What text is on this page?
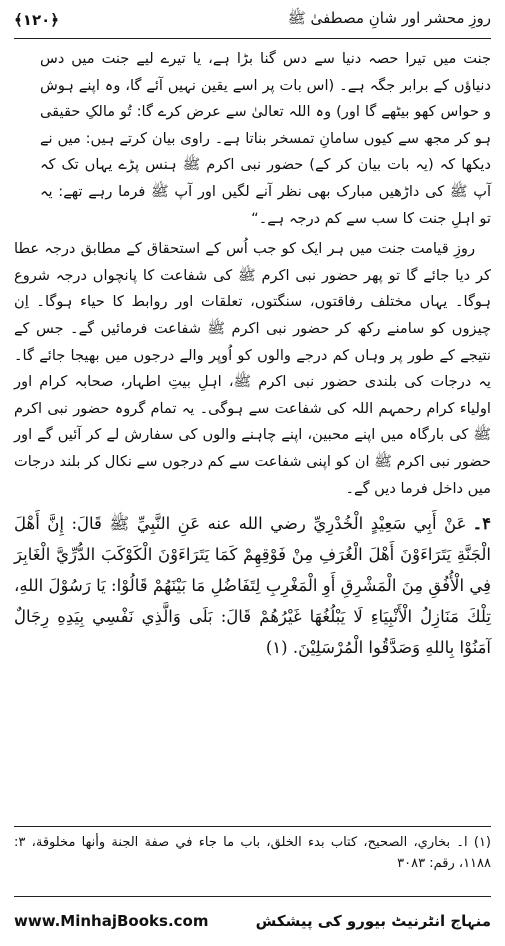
﴿۱۲۰﴾	روزِ محشر اور شانِ مصطفیٰ ﷺ

جنت میں تیرا حصہ دنیا سے دس گنا بڑا ہے، یا تیرے لیے جنت میں دس دنیاؤں کے برابر جگہ ہے۔ (اس بات پر اسے یقین نہیں آئے گا، وہ اپنے ہوش و حواس کھو بیٹھے گا اور) وہ اللہ تعالیٰ سے عرض کرے گا: تُو مالکِ حقیقی ہو کر مجھ سے کیوں سامانِ تمسخر بناتا ہے۔ راوی بیان کرتے ہیں: میں نے دیکھا کہ (یہ بات بیان کر کے) حضور نبی اکرم ﷺ ہنس پڑے یہاں تک کہ آپ ﷺ کی داڑھیں مبارک بھی نظر آنے لگیں اور آپ ﷺ فرما رہے تھے: یہ تو اہلِ جنت کا سب سے کم درجہ ہے۔“

روزِ قیامت جنت میں ہر ایک کو جب اُس کے استحقاق کے مطابق درجہ عطا کر دیا جائے گا تو پھر حضور نبی اکرم ﷺ کی شفاعت کا پانچواں درجہ شروع ہوگا۔ یہاں مختلف رفاقتوں، سنگتوں، تعلقات اور روابط کا حیاء ہوگا۔ اِن چیزوں کو سامنے رکھ کر حضور نبی اکرم ﷺ شفاعت فرمائیں گے۔ جس کے نتیجے کے طور پر وہاں کم درجے والوں کو اُوپر والے درجوں میں بھیجا جائے گا۔ یہ درجات کی بلندی حضور نبی اکرم ﷺ، اہلِ بیتِ اطہار، صحابہ کرام اور اولیاء کرام رحمہم اللہ کی شفاعت سے ہوگی۔ یہ تمام گروہ حضور نبی اکرم ﷺ کی بارگاہ میں اپنے محبین، اپنے چاہنے والوں کی سفارش لے کر آئیں گے اور حضور نبی اکرم ﷺ ان کو اپنی شفاعت سے کم درجوں سے نکال کر بلند درجات میں داخل فرما دیں گے۔

۴۔عَنْ أَبِي سَعِيْدٍ الْخُدْرِيِّ رضي الله عنه عَنِ النَّبِيِّ ﷺ قَالَ: إِنَّ أَهْلَ الْجَنَّةِ يَتَرَاءَوْنَ أَهْلَ الْغُرَفِ مِنْ فَوْقِهِمْ كَمَا يَتَرَاءَوْنَ الْكَوْكَبَ الدُّرِّيَّ الْغَابِرَ فِي الْأُفُقِ مِنَ الْمَشْرِقِ أَوِ الْمَغْرِبِ لِتَفَاضُلِ مَا بَيْنَهُمْ قَالُوْا: يَا رَسُوْلَ اللهِ، تِلْكَ مَنَازِلُ الْأَنْبِيَاءِ لَا يَبْلُغُهَا غَيْرُهُمْ قَالَ: بَلَى وَالَّذِي نَفْسِي بِيَدِهِ رِجَالٌ آمَنُوْا بِاللهِ وَصَدَّقُوا الْمُرْسَلِيْنَ. (۱)

(۱) ا۔ بخاري، الصحيح، كتاب بدء الخلق، باب ما جاء في صفة الجنة وأنها مخلوقة، ۳: ۱۱۸۸، رقم: ۳۰۸۳
www.MinhajBooks.com	منہاج انٹرنیٹ بیورو کی پیشکش
